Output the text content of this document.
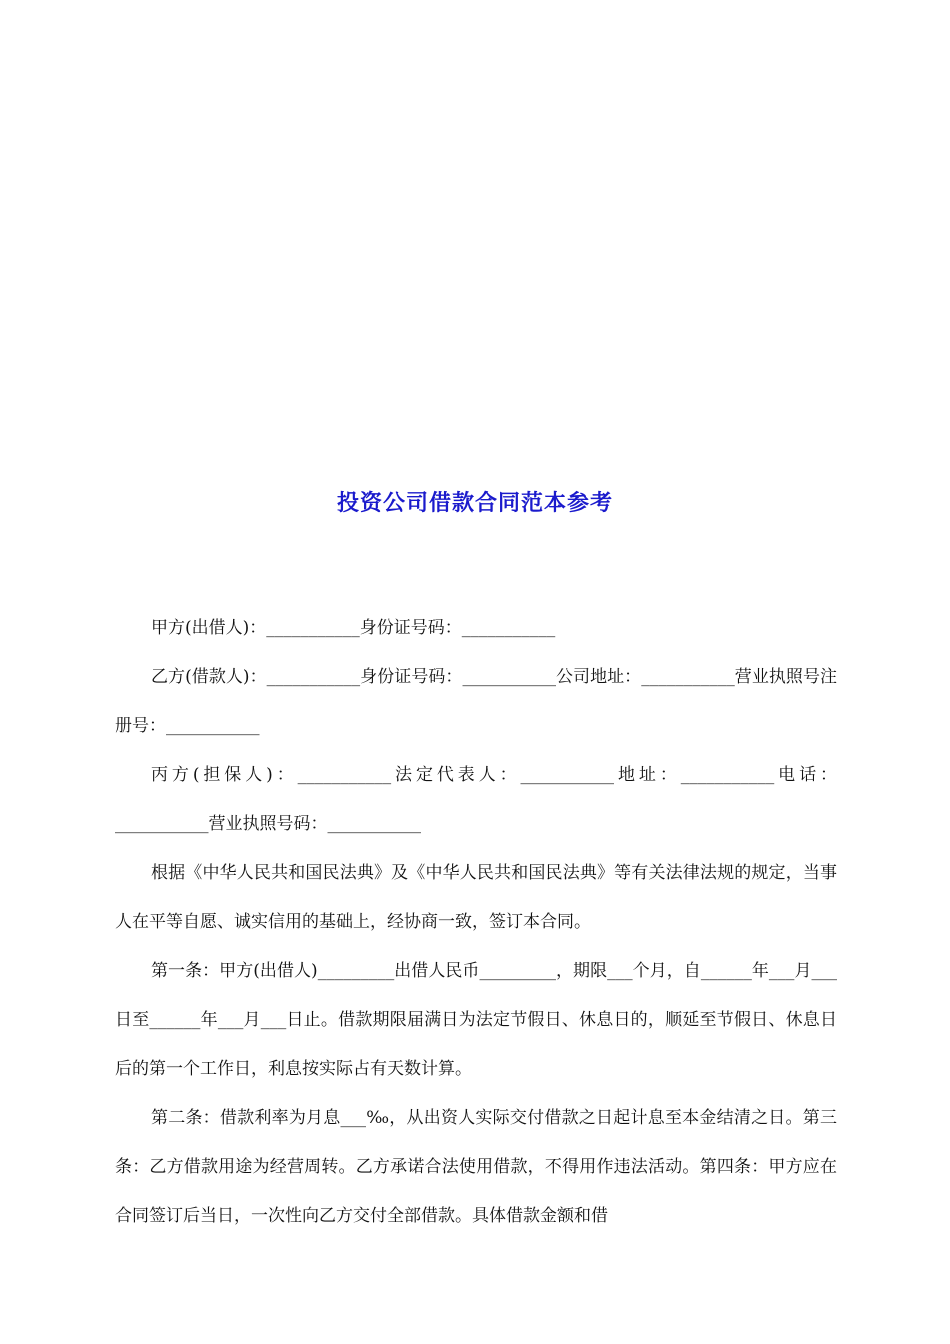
投资公司借款合同范本参考

甲方(出借人)：___________身份证号码：___________

乙方(借款人)：___________身份证号码：___________公司地址：___________营业执照号注册号：___________

丙方(担保人)：___________法定代表人：___________地址：___________电话：___________营业执照号码：___________

根据《中华人民共和国民法典》及《中华人民共和国民法典》等有关法律法规的规定，当事人在平等自愿、诚实信用的基础上，经协商一致，签订本合同。

第一条：甲方(出借人)_________出借人民币_________，期限___个月，自______年___月___日至______年___月___日止。借款期限届满日为法定节假日、休息日的，顺延至节假日、休息日后的第一个工作日，利息按实际占有天数计算。

第二条：借款利率为月息___‰，从出资人实际交付借款之日起计息至本金结清之日。第三条：乙方借款用途为经营周转。乙方承诺合法使用借款，不得用作违法活动。第四条：甲方应在合同签订后当日，一次性向乙方交付全部借款。具体借款金额和借
